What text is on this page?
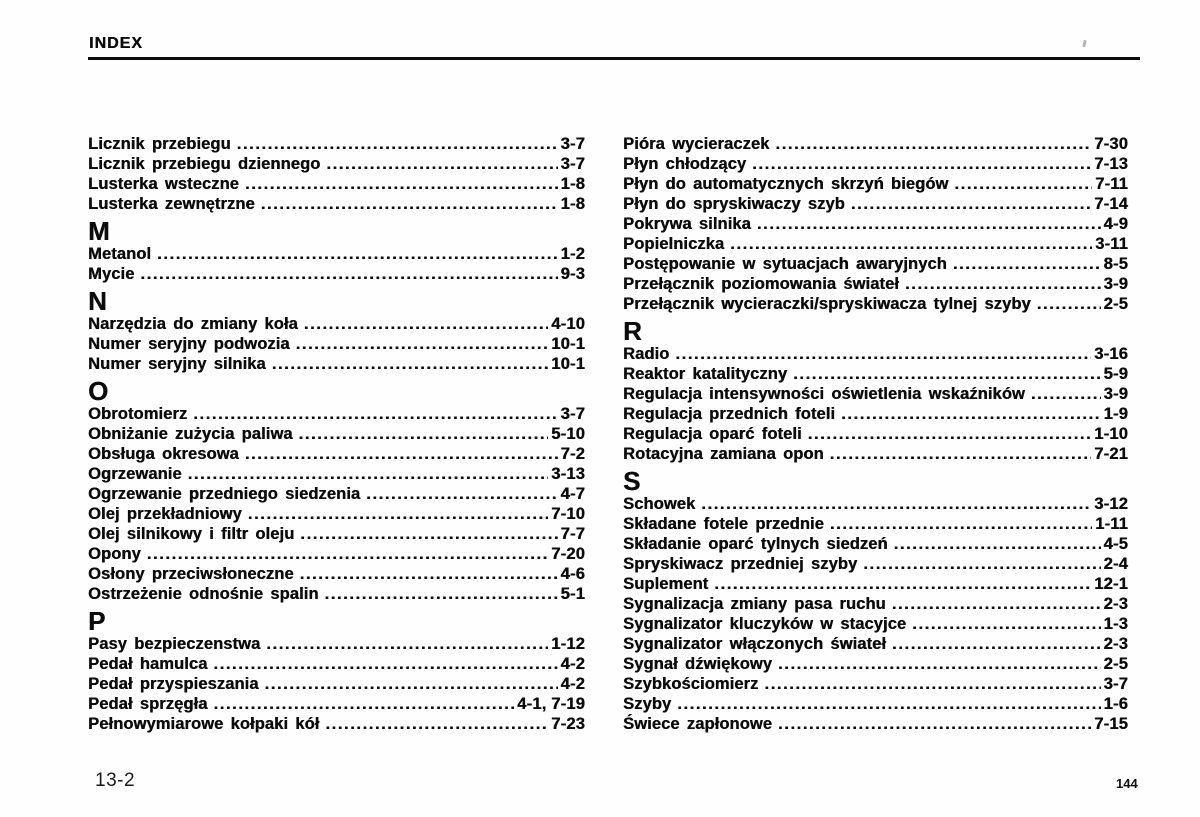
INDEX
Licznik przebiegu .....	3-7
Licznik przebiegu dziennego .....	3-7
Lusterka wsteczne .....	1-8
Lusterka zewnętrzne .....	1-8
M
Metanol .....	1-2
Mycie .....	9-3
N
Narzędzia do zmiany koła .....	4-10
Numer seryjny podwozia .....	10-1
Numer seryjny silnika .....	10-1
O
Obrotomierz .....	3-7
Obniżanie zużycia paliwa .....	5-10
Obsługa okresowa .....	7-2
Ogrzewanie .....	3-13
Ogrzewanie przedniego siedzenia .....	4-7
Olej przekładniowy .....	7-10
Olej silnikowy i filtr oleju .....	7-7
Opony .....	7-20
Osłony przeciwsłoneczne .....	4-6
Ostrzeżenie odnośnie spalin .....	5-1
P
Pasy bezpieczenstwa .....	1-12
Pedał hamulca .....	4-2
Pedał przyspieszania .....	4-2
Pedał sprzęgła .....	4-1, 7-19
Pełnowymiarowe kołpaki kół .....	7-23
Pióra wycieraczek .....	7-30
Płyn chłodzący .....	7-13
Płyn do automatycznych skrzyń biegów .....	7-11
Płyn do spryskiwaczy szyb .....	7-14
Pokrywa silnika .....	4-9
Popielniczka .....	3-11
Postępowanie w sytuacjach awaryjnych .....	8-5
Przełącznik poziomowania świateł .....	3-9
Przełącznik wycieraczki/spryskiwacza tylnej szyby .....	2-5
R
Radio .....	3-16
Reaktor katalityczny .....	5-9
Regulacja intensywności oświetlenia wskaźników .....	3-9
Regulacja przednich foteli .....	1-9
Regulacja oparć foteli .....	1-10
Rotacyjna zamiana opon .....	7-21
S
Schowek .....	3-12
Składane fotele przednie .....	1-11
Składanie oparć tylnych siedzeń .....	4-5
Spryskiwacz przedniej szyby .....	2-4
Suplement .....	12-1
Sygnalizacja zmiany pasa ruchu .....	2-3
Sygnalizator kluczyków w stacyjce .....	1-3
Sygnalizator włączonych świateł .....	2-3
Sygnał dźwiękowy .....	2-5
Szybkościomierz .....	3-7
Szyby .....	1-6
Świece zapłonowe .....	7-15
13-2	144
